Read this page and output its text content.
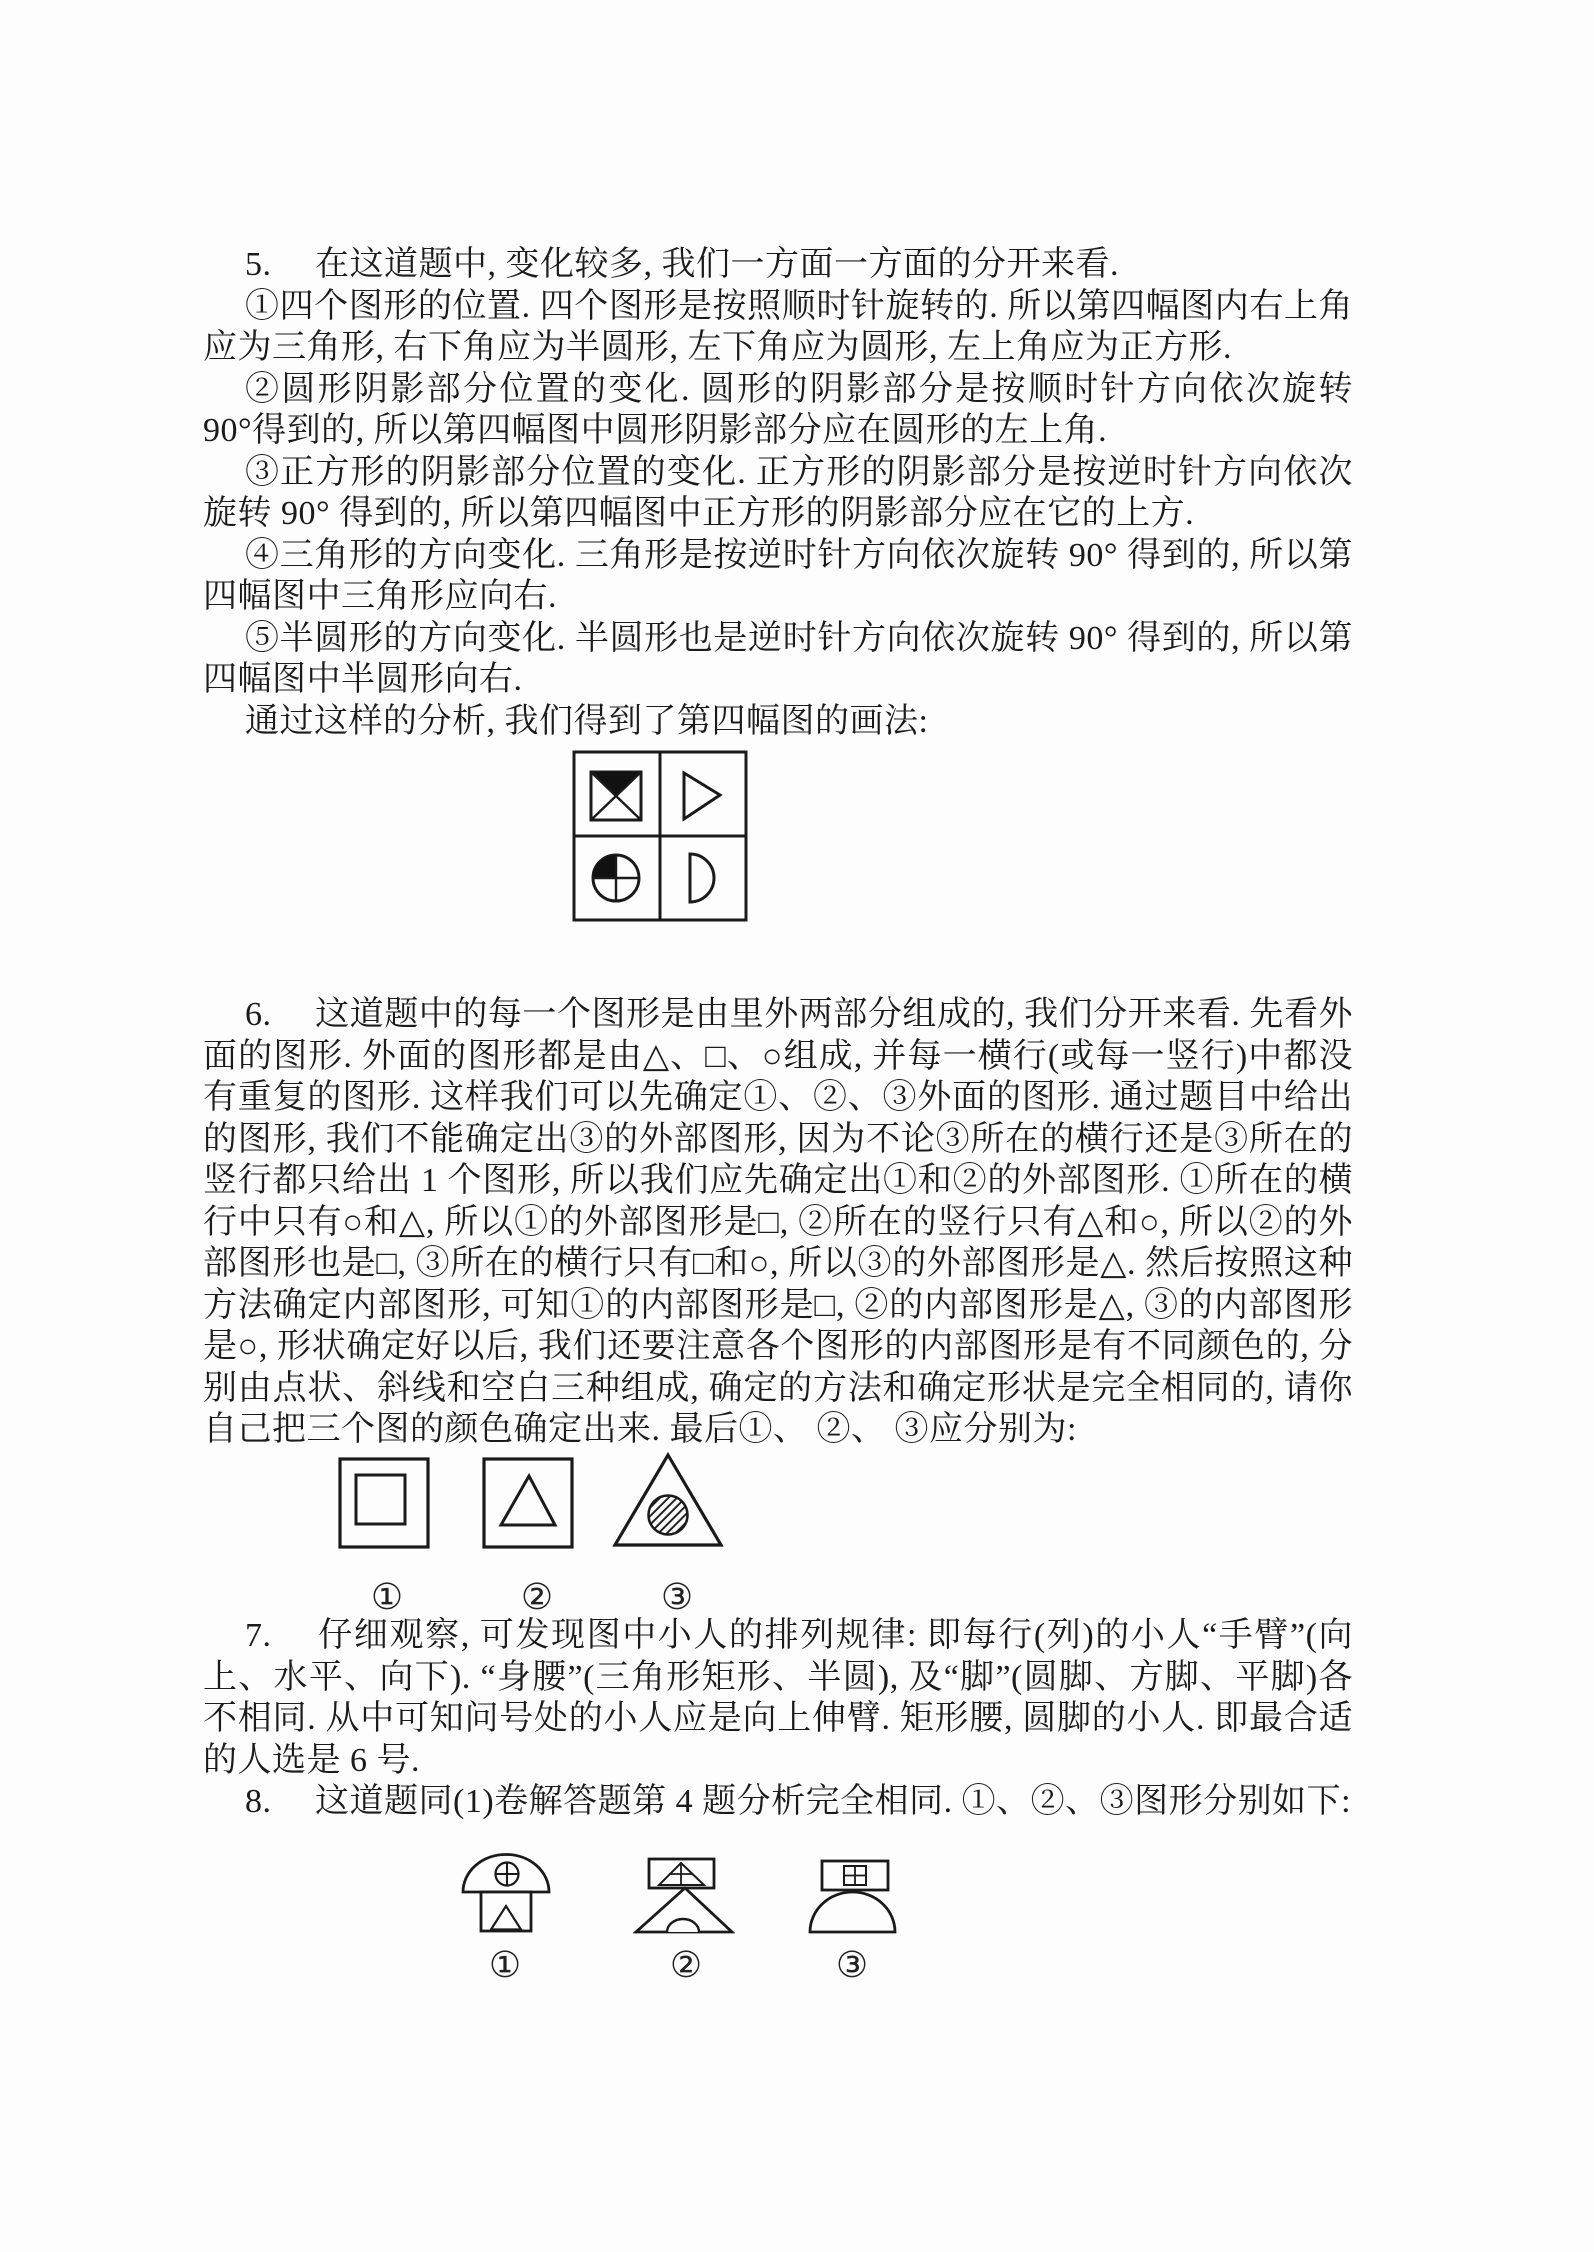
5.　 在这道题中, 变化较多, 我们一方面一方面的分开来看.

①四个图形的位置. 四个图形是按照顺时针旋转的. 所以第四幅图内右上角应为三角形, 右下角应为半圆形, 左下角应为圆形, 左上角应为正方形.

②圆形阴影部分位置的变化. 圆形的阴影部分是按顺时针方向依次旋转 90°得到的, 所以第四幅图中圆形阴影部分应在圆形的左上角.

③正方形的阴影部分位置的变化. 正方形的阴影部分是按逆时针方向依次旋转 90° 得到的, 所以第四幅图中正方形的阴影部分应在它的上方.

④三角形的方向变化. 三角形是按逆时针方向依次旋转 90° 得到的, 所以第四幅图中三角形应向右.

⑤半圆形的方向变化. 半圆形也是逆时针方向依次旋转 90° 得到的, 所以第四幅图中半圆形向右.

通过这样的分析, 我们得到了第四幅图的画法:

6.　 这道题中的每一个图形是由里外两部分组成的, 我们分开来看. 先看外面的图形. 外面的图形都是由△、□、○组成, 并每一横行(或每一竖行)中都没有重复的图形. 这样我们可以先确定①、②、③外面的图形. 通过题目中给出的图形, 我们不能确定出③的外部图形, 因为不论③所在的横行还是③所在的竖行都只给出 1 个图形, 所以我们应先确定出①和②的外部图形. ①所在的横行中只有○和△, 所以①的外部图形是□, ②所在的竖行只有△和○, 所以②的外部图形也是□, ③所在的横行只有□和○, 所以③的外部图形是△. 然后按照这种方法确定内部图形, 可知①的内部图形是□, ②的内部图形是△, ③的内部图形是○, 形状确定好以后, 我们还要注意各个图形的内部图形是有不同颜色的, 分别由点状、斜线和空白三种组成, 确定的方法和确定形状是完全相同的, 请你自己把三个图的颜色确定出来. 最后①、 ②、 ③应分别为:

①	②	③

7.　 仔细观察, 可发现图中小人的排列规律: 即每行(列)的小人“手臂”(向上、水平、向下). “身腰”(三角形矩形、半圆), 及“脚”(圆脚、方脚、平脚)各不相同. 从中可知问号处的小人应是向上伸臂. 矩形腰, 圆脚的小人. 即最合适的人选是 6 号.

8.　 这道题同(1)卷解答题第 4 题分析完全相同. ①、②、③图形分别如下:

①	②	③
